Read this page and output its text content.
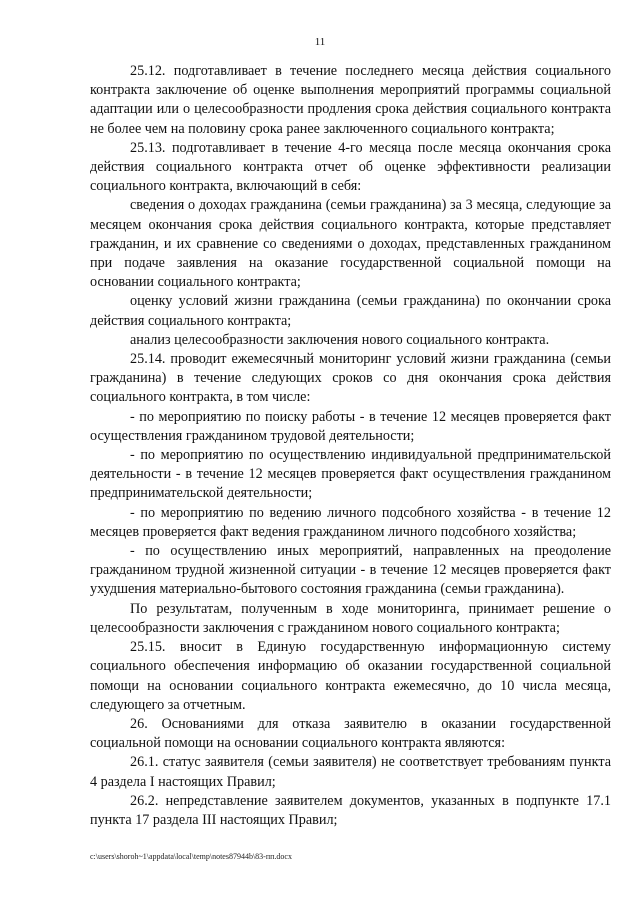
11

25.12. подготавливает в течение последнего месяца действия социального контракта заключение об оценке выполнения мероприятий программы социальной адаптации или о целесообразности продления срока действия социального контракта не более чем на половину срока ранее заключенного социального контракта;

25.13. подготавливает в течение 4-го месяца после месяца окончания срока действия социального контракта отчет об оценке эффективности реализации социального контракта, включающий в себя:

сведения о доходах гражданина (семьи гражданина) за 3 месяца, следующие за месяцем окончания срока действия социального контракта, которые представляет гражданин, и их сравнение со сведениями о доходах, представленных гражданином при подаче заявления на оказание государственной социальной помощи на основании социального контракта;

оценку условий жизни гражданина (семьи гражданина) по окончании срока действия социального контракта;

анализ целесообразности заключения нового социального контракта.

25.14. проводит ежемесячный мониторинг условий жизни гражданина (семьи гражданина) в течение следующих сроков со дня окончания срока действия социального контракта, в том числе:

- по мероприятию по поиску работы - в течение 12 месяцев проверяется факт осуществления гражданином трудовой деятельности;

- по мероприятию по осуществлению индивидуальной предпринимательской деятельности - в течение 12 месяцев проверяется факт осуществления гражданином предпринимательской деятельности;

- по мероприятию по ведению личного подсобного хозяйства - в течение 12 месяцев проверяется факт ведения гражданином личного подсобного хозяйства;

- по осуществлению иных мероприятий, направленных на преодоление гражданином трудной жизненной ситуации - в течение 12 месяцев проверяется факт ухудшения материально-бытового состояния гражданина (семьи гражданина).

По результатам, полученным в ходе мониторинга, принимает решение о целесообразности заключения с гражданином нового социального контракта;

25.15. вносит в Единую государственную информационную систему социального обеспечения информацию об оказании государственной социальной помощи на основании социального контракта ежемесячно, до 10 числа месяца, следующего за отчетным.

26. Основаниями для отказа заявителю в оказании государственной социальной помощи на основании социального контракта являются:

26.1. статус заявителя (семьи заявителя) не соответствует требованиям пункта 4 раздела I настоящих Правил;

26.2. непредставление заявителем документов, указанных в подпункте 17.1 пункта 17 раздела III настоящих Правил;

c:\users\shoroh~1\appdata\local\temp\notes87944b\83-пп.docx
